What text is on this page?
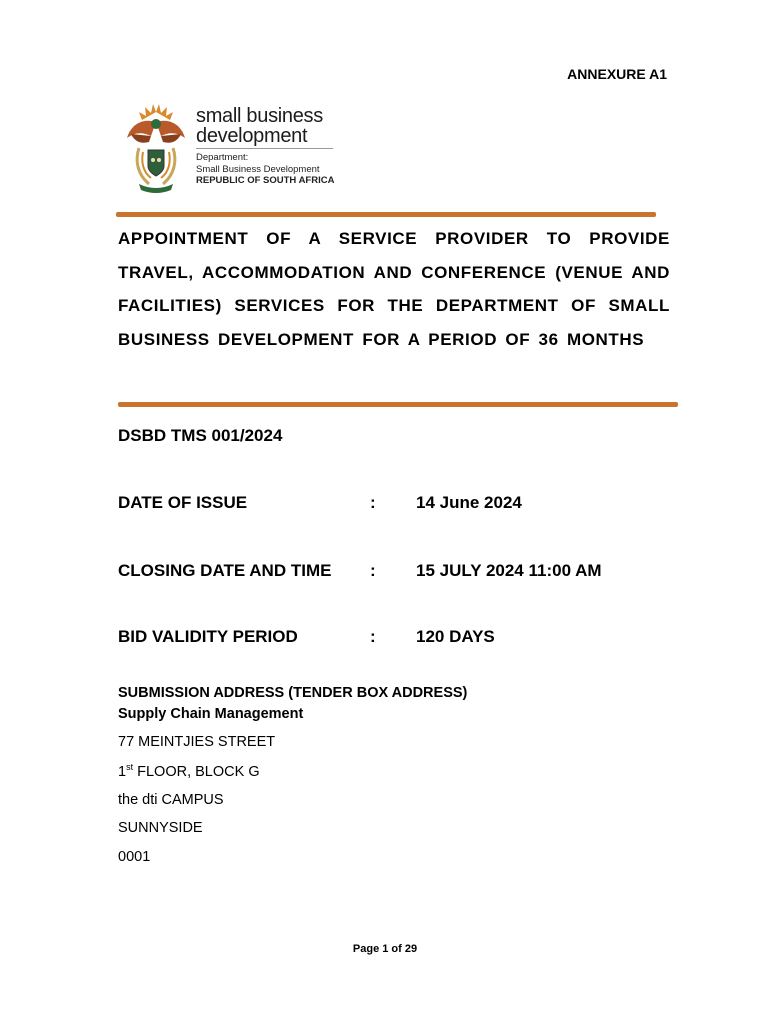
ANNEXURE A1
small business
development
Department:
Small Business Development
REPUBLIC OF SOUTH AFRICA
APPOINTMENT OF A SERVICE PROVIDER TO PROVIDE TRAVEL, ACCOMMODATION AND CONFERENCE (VENUE AND FACILITIES) SERVICES FOR THE DEPARTMENT OF SMALL BUSINESS DEVELOPMENT FOR A PERIOD OF 36 MONTHS
DSBD TMS 001/2024
DATE OF ISSUE	: 14 June 2024
CLOSING DATE AND TIME : 15 JULY 2024 11:00 AM
BID VALIDITY PERIOD	: 120 DAYS
SUBMISSION ADDRESS (TENDER BOX ADDRESS)
Supply Chain Management
77 MEINTJIES STREET
1st FLOOR, BLOCK G
the dti CAMPUS
SUNNYSIDE
0001
Page 1 of 29
